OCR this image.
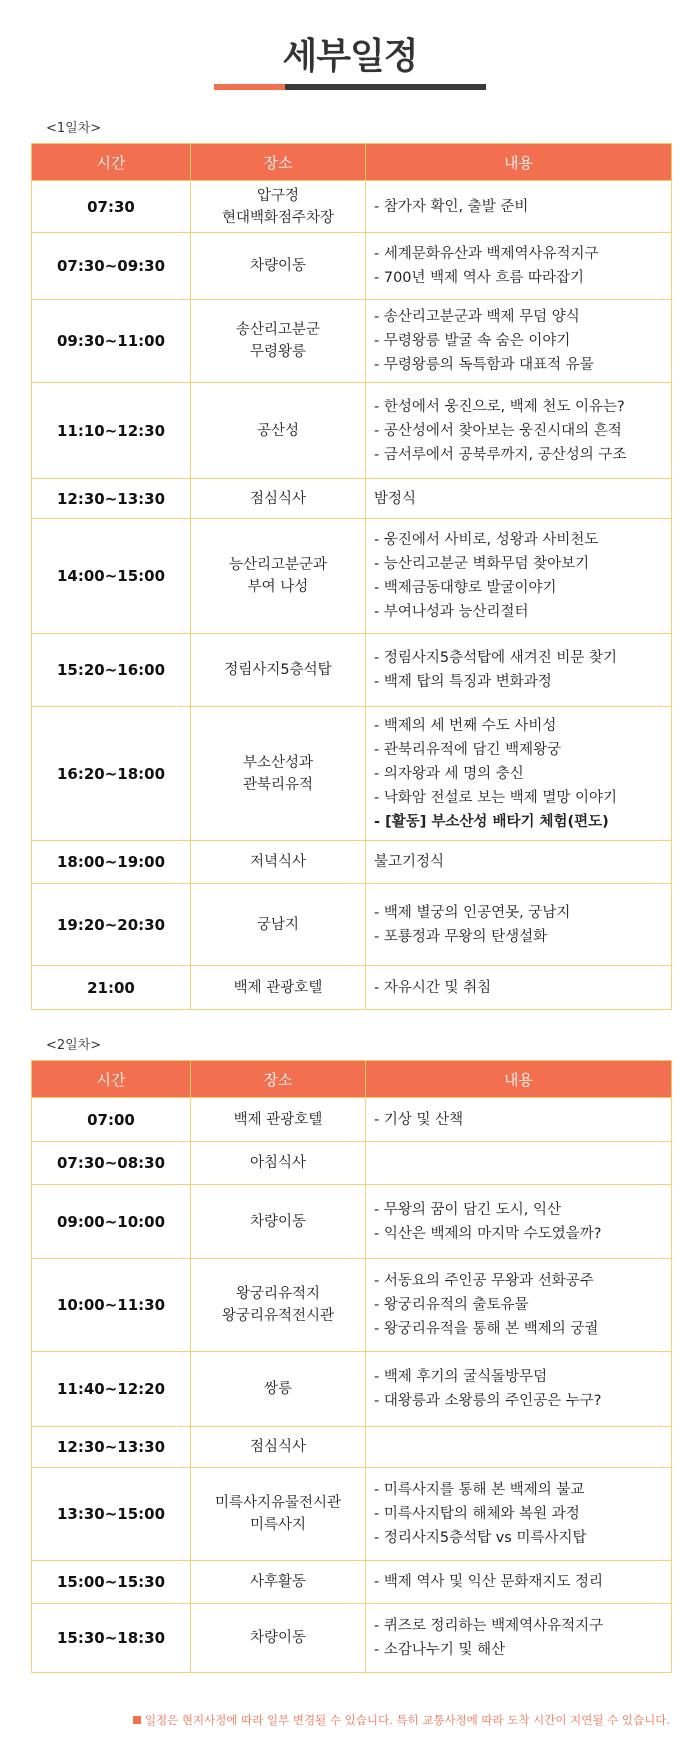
세부일정
<1일차>
시간	장소	내용
07:30	압구정
현대백화점주차장	- 참가자 확인, 출발 준비

07:30~09:30	차량이동	- 세계문화유산과 백제역사유적지구
- 700년 백제 역사 흐름 따라잡기

09:30~11:00	송산리고분군
무령왕릉	- 송산리고분군과 백제 무덤 양식
- 무령왕릉 발굴 속 숨은 이야기
- 무령왕릉의 독특함과 대표적 유물

11:10~12:30	공산성	- 한성에서 웅진으로, 백제 천도 이유는?
- 공산성에서 찾아보는 웅진시대의 흔적
- 금서루에서 공북루까지, 공산성의 구조

12:30~13:30	점심식사	밤정식

14:00~15:00	능산리고분군과
부여 나성	- 웅진에서 사비로, 성왕과 사비천도
- 능산리고분군 벽화무덤 찾아보기
- 백제금동대향로 발굴이야기
- 부여나성과 능산리절터

15:20~16:00	정림사지5층석탑	- 정림사지5층석탑에 새겨진 비문 찾기
- 백제 탑의 특징과 변화과정

16:20~18:00	부소산성과
관북리유적	- 백제의 세 번째 수도 사비성
- 관북리유적에 담긴 백제왕궁
- 의자왕과 세 명의 충신
- 낙화암 전설로 보는 백제 멸망 이야기
- [활동] 부소산성 배타기 체험(편도)

18:00~19:00	저녁식사	불고기정식

19:20~20:30	궁남지	- 백제 별궁의 인공연못, 궁남지
- 포룡정과 무왕의 탄생설화

21:00	백제 관광호텔	- 자유시간 및 취침
<2일차>
시간	장소	내용
07:00	백제 관광호텔	- 기상 및 산책

07:30~08:30	아침식사	

09:00~10:00	차량이동	- 무왕의 꿈이 담긴 도시, 익산
- 익산은 백제의 마지막 수도였을까?

10:00~11:30	왕궁리유적지
왕궁리유적전시관	- 서동요의 주인공 무왕과 선화공주
- 왕궁리유적의 출토유물
- 왕궁리유적을 통해 본 백제의 궁궐

11:40~12:20	쌍릉	- 백제 후기의 굴식돌방무덤
- 대왕릉과 소왕릉의 주인공은 누구?

12:30~13:30	점심식사	

13:30~15:00	미륵사지유물전시관
미륵사지	- 미륵사지를 통해 본 백제의 불교
- 미륵사지탑의 해체와 복원 과정
- 정리사지5층석탑 vs 미륵사지탑

15:00~15:30	사후활동	- 백제 역사 및 익산 문화재지도 정리

15:30~18:30	차량이동	- 퀴즈로 정리하는 백제역사유적지구
- 소감나누기 및 해산
일정은 현지사정에 따라 일부 변경될 수 있습니다. 특히 교통사정에 따라 도착 시간이 지연될 수 있습니다.
